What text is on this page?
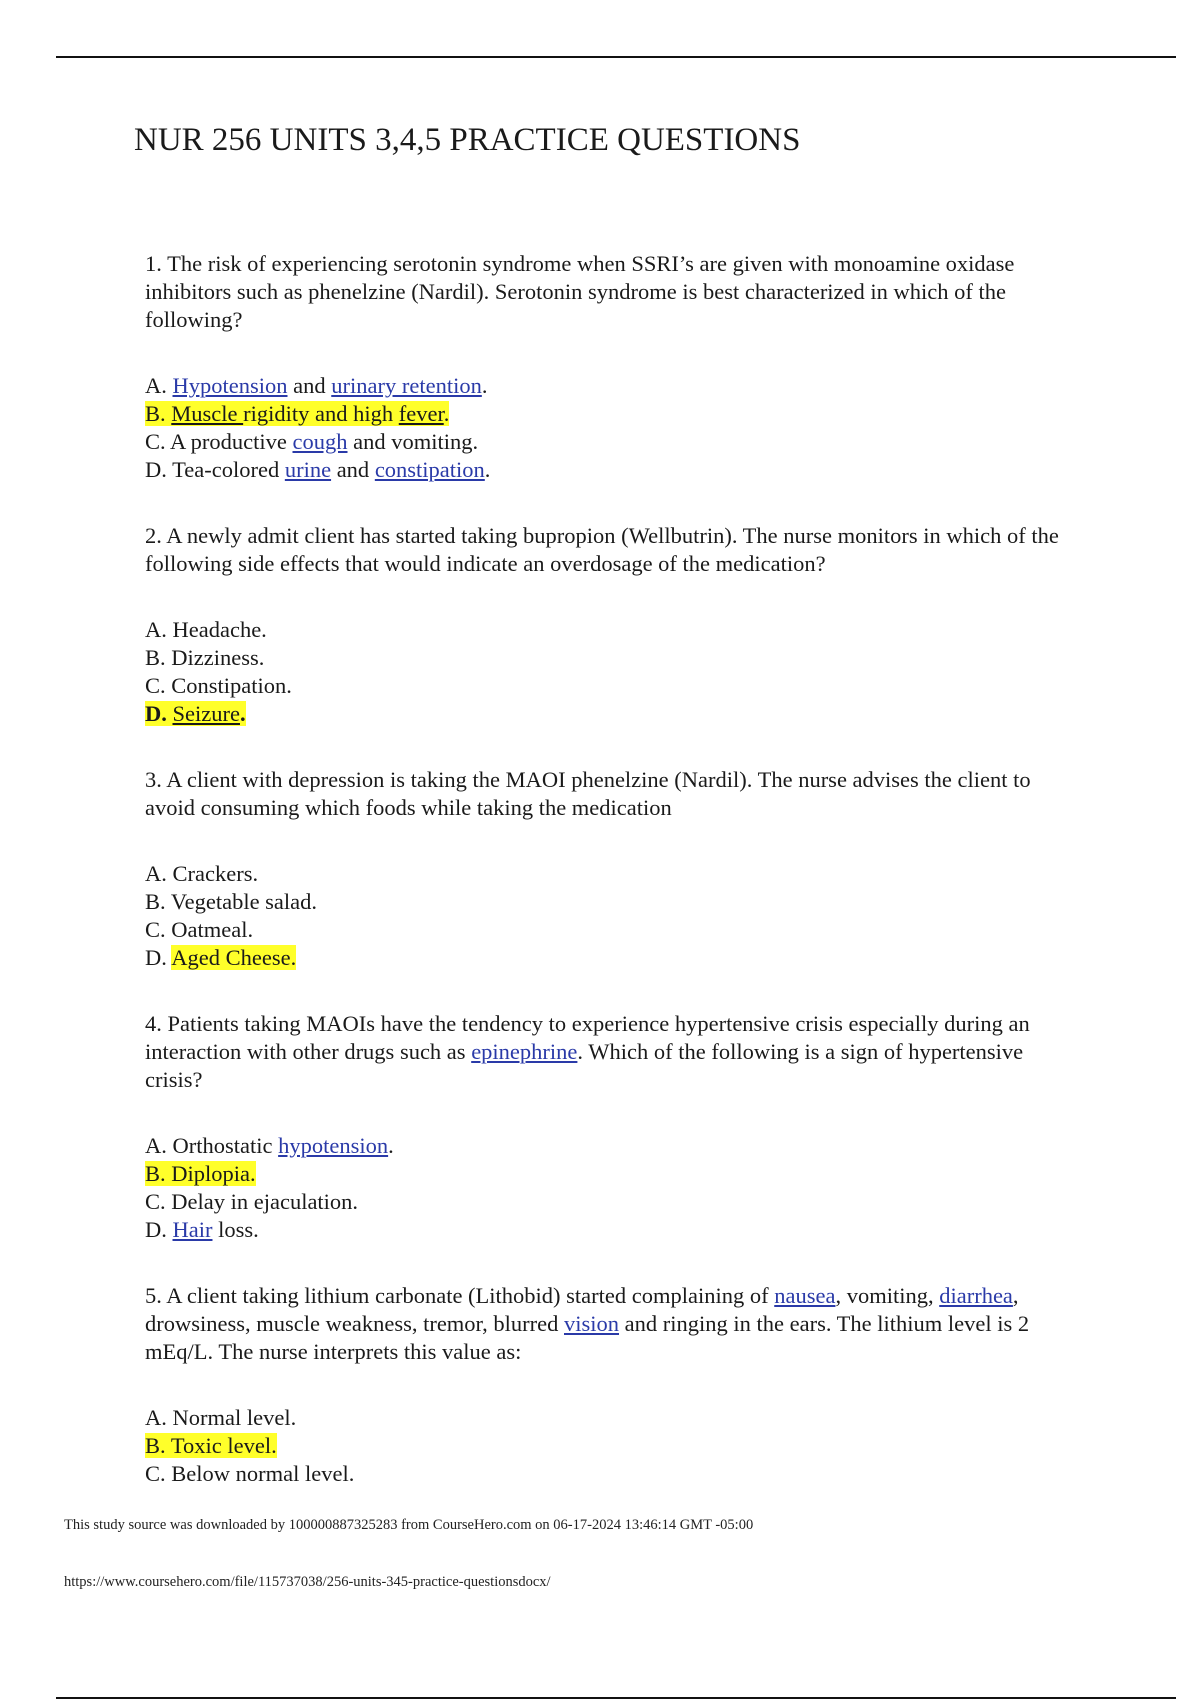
NUR 256 UNITS 3,4,5 PRACTICE QUESTIONS

1. The risk of experiencing serotonin syndrome when SSRI’s are given with monoamine oxidase inhibitors such as phenelzine (Nardil). Serotonin syndrome is best characterized in which of the following?

A. Hypotension and urinary retention.
B. Muscle rigidity and high fever.
C. A productive cough and vomiting.
D. Tea-colored urine and constipation.

2. A newly admit client has started taking bupropion (Wellbutrin). The nurse monitors in which of the following side effects that would indicate an overdosage of the medication?

A. Headache.
B. Dizziness.
C. Constipation.
D. Seizure.

3. A client with depression is taking the MAOI phenelzine (Nardil). The nurse advises the client to avoid consuming which foods while taking the medication

A. Crackers.
B. Vegetable salad.
C. Oatmeal.
D. Aged Cheese.

4. Patients taking MAOIs have the tendency to experience hypertensive crisis especially during an interaction with other drugs such as epinephrine. Which of the following is a sign of hypertensive crisis?

A. Orthostatic hypotension.
B. Diplopia.
C. Delay in ejaculation.
D. Hair loss.

5. A client taking lithium carbonate (Lithobid) started complaining of nausea, vomiting, diarrhea, drowsiness, muscle weakness, tremor, blurred vision and ringing in the ears. The lithium level is 2 mEq/L. The nurse interprets this value as:

A. Normal level.
B. Toxic level.
C. Below normal level.
This study source was downloaded by 100000887325283 from CourseHero.com on 06-17-2024 13:46:14 GMT -05:00
https://www.coursehero.com/file/115737038/256-units-345-practice-questionsdocx/
